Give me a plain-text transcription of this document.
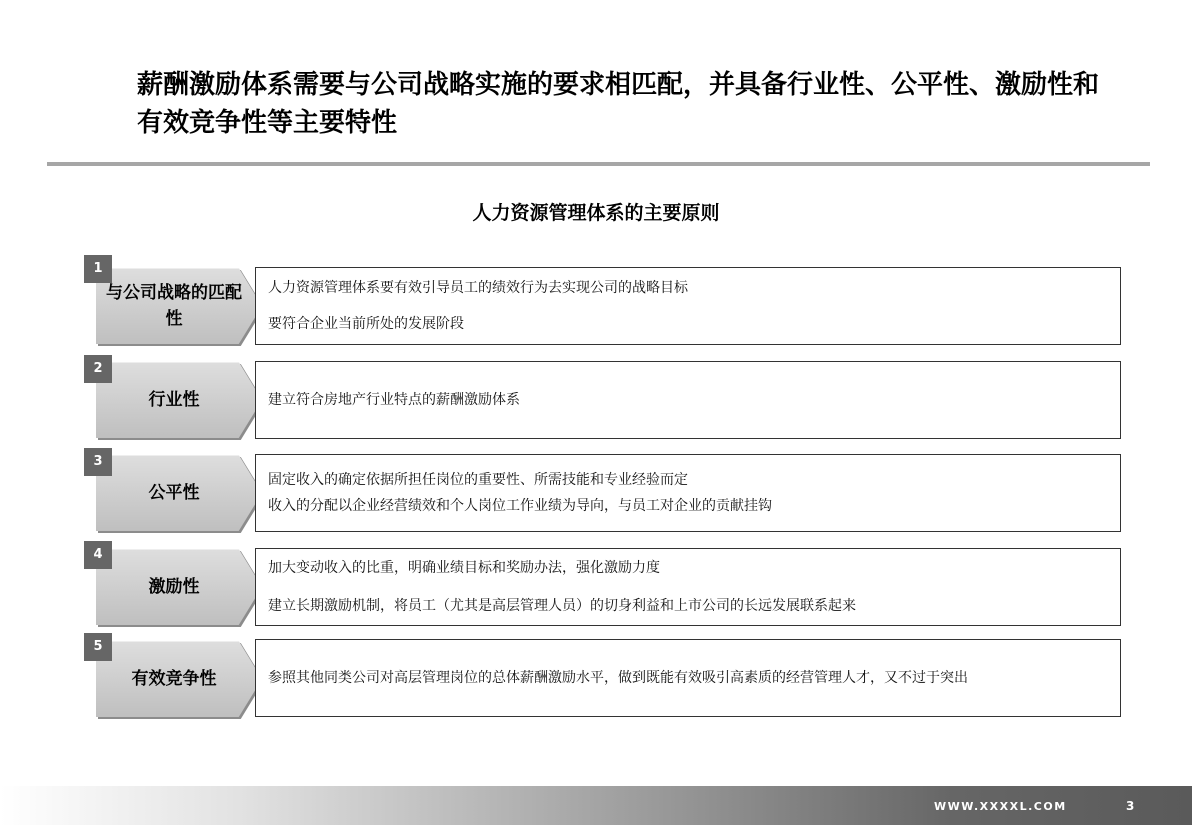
薪酬激励体系需要与公司战略实施的要求相匹配，并具备行业性、公平性、激励性和有效竞争性等主要特性
人力资源管理体系的主要原则
1
与公司战略的匹配性

人力资源管理体系要有效引导员工的绩效行为去实现公司的战略目标

要符合企业当前所处的发展阶段

2
行业性	建立符合房地产行业特点的薪酬激励体系

3
公平性

固定收入的确定依据所担任岗位的重要性、所需技能和专业经验而定

收入的分配以企业经营绩效和个人岗位工作业绩为导向，与员工对企业的贡献挂钩

4
激励性

加大变动收入的比重，明确业绩目标和奖励办法，强化激励力度

建立长期激励机制，将员工（尤其是高层管理人员）的切身利益和上市公司的长远发展联系起来

5
有效竞争性	参照其他同类公司对高层管理岗位的总体薪酬激励水平，做到既能有效吸引高素质的经营管理人才，又不过于突出

WWW.XXXXL.COM	3
